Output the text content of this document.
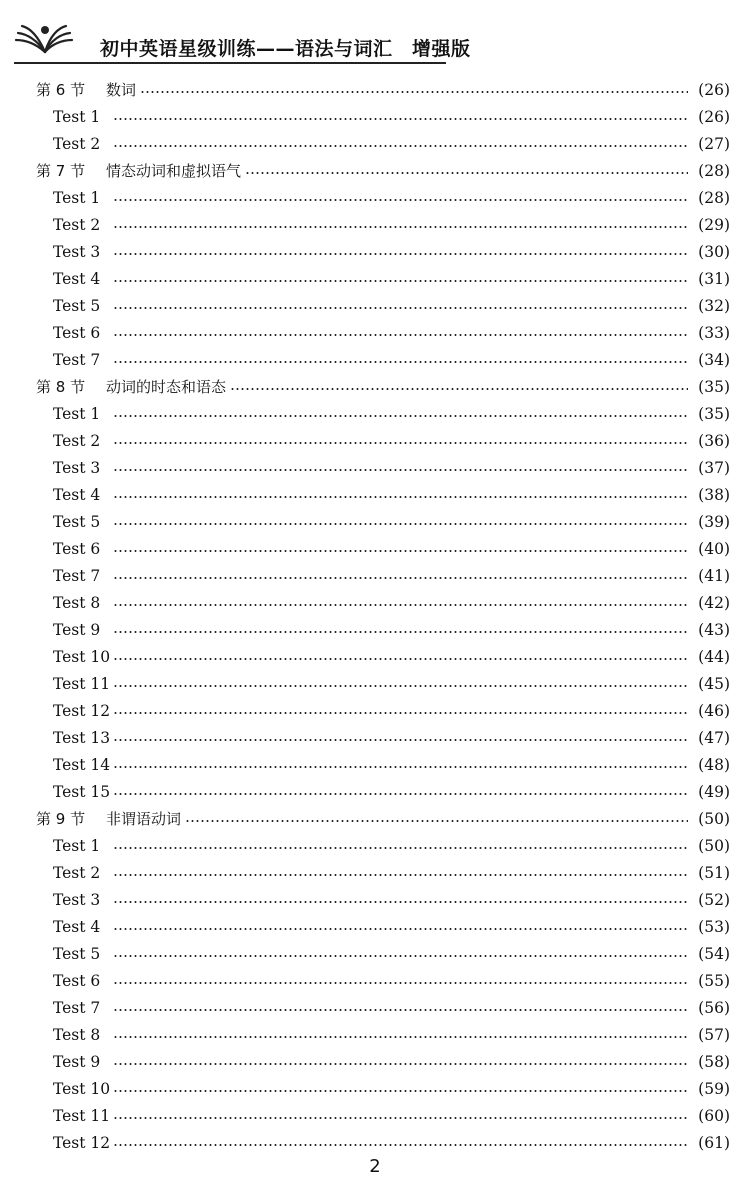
初中英语星级训练——语法与词汇　增强版
第 6 节 数词	(26)
Test 1	(26)
Test 2	(27)
第 7 节 情态动词和虚拟语气	(28)
Test 1	(28)
Test 2	(29)
Test 3	(30)
Test 4	(31)
Test 5	(32)
Test 6	(33)
Test 7	(34)
第 8 节 动词的时态和语态	(35)
Test 1	(35)
Test 2	(36)
Test 3	(37)
Test 4	(38)
Test 5	(39)
Test 6	(40)
Test 7	(41)
Test 8	(42)
Test 9	(43)
Test 10	(44)
Test 11	(45)
Test 12	(46)
Test 13	(47)
Test 14	(48)
Test 15	(49)
第 9 节 非谓语动词	(50)
Test 1	(50)
Test 2	(51)
Test 3	(52)
Test 4	(53)
Test 5	(54)
Test 6	(55)
Test 7	(56)
Test 8	(57)
Test 9	(58)
Test 10	(59)
Test 11	(60)
Test 12	(61)
2
